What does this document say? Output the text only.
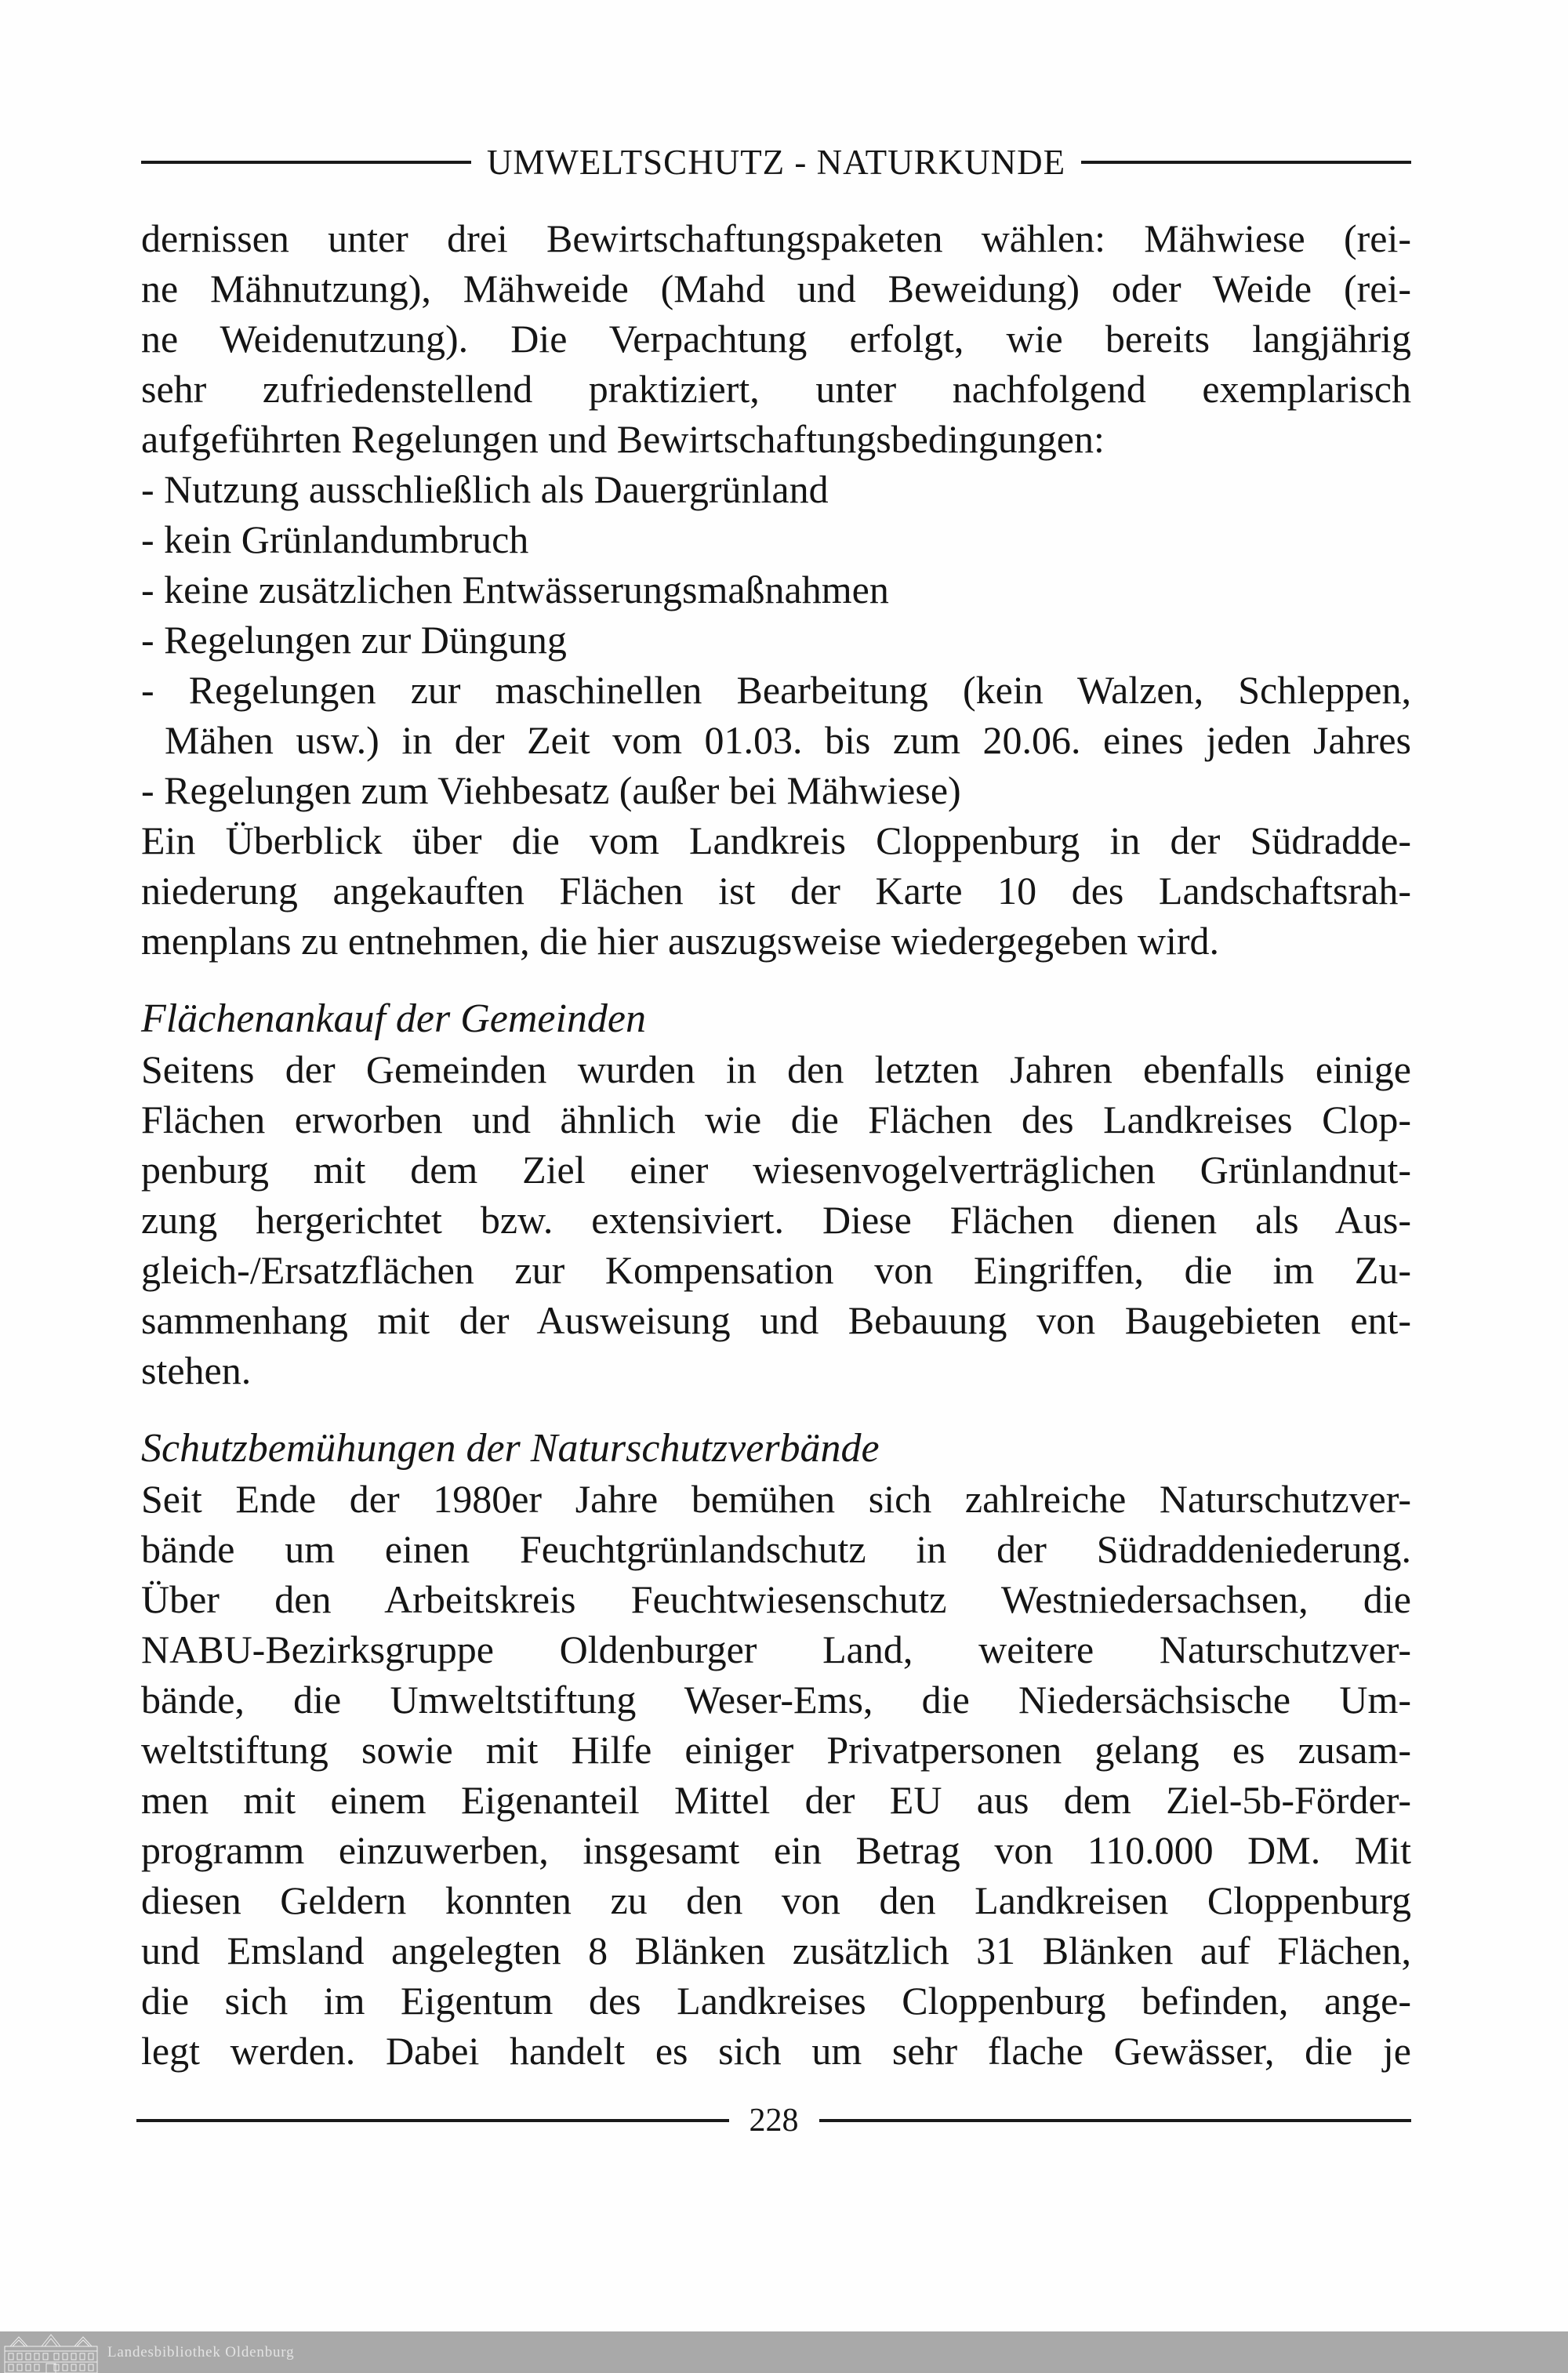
UMWELTSCHUTZ - NATURKUNDE
dernissen unter drei Bewirtschaftungspaketen wählen: Mähwiese (rei-
ne Mähnutzung), Mähweide (Mahd und Beweidung) oder Weide (rei-
ne Weidenutzung). Die Verpachtung erfolgt, wie bereits langjährig
sehr zufriedenstellend praktiziert, unter nachfolgend exemplarisch
aufgeführten Regelungen und Bewirtschaftungsbedingungen:
- Nutzung ausschließlich als Dauergrünland
- kein Grünlandumbruch
- keine zusätzlichen Entwässerungsmaßnahmen
- Regelungen zur Düngung
- Regelungen zur maschinellen Bearbeitung (kein Walzen, Schleppen,
Mähen usw.) in der Zeit vom 01.03. bis zum 20.06. eines jeden Jahres
- Regelungen zum Viehbesatz (außer bei Mähwiese)
Ein Überblick über die vom Landkreis Cloppenburg in der Südradde-
niederung angekauften Flächen ist der Karte 10 des Landschaftsrah-
menplans zu entnehmen, die hier auszugsweise wiedergegeben wird.
Flächenankauf der Gemeinden
Seitens der Gemeinden wurden in den letzten Jahren ebenfalls einige
Flächen erworben und ähnlich wie die Flächen des Landkreises Clop-
penburg mit dem Ziel einer wiesenvogelverträglichen Grünlandnut-
zung hergerichtet bzw. extensiviert. Diese Flächen dienen als Aus-
gleich-/Ersatzflächen zur Kompensation von Eingriffen, die im Zu-
sammenhang mit der Ausweisung und Bebauung von Baugebieten ent-
stehen.
Schutzbemühungen der Naturschutzverbände
Seit Ende der 1980er Jahre bemühen sich zahlreiche Naturschutzver-
bände um einen Feuchtgrünlandschutz in der Südraddeniederung.
Über den Arbeitskreis Feuchtwiesenschutz Westniedersachsen, die
NABU-Bezirksgruppe Oldenburger Land, weitere Naturschutzver-
bände, die Umweltstiftung Weser-Ems, die Niedersächsische Um-
weltstiftung sowie mit Hilfe einiger Privatpersonen gelang es zusam-
men mit einem Eigenanteil Mittel der EU aus dem Ziel-5b-Förder-
programm einzuwerben, insgesamt ein Betrag von 110.000 DM. Mit
diesen Geldern konnten zu den von den Landkreisen Cloppenburg
und Emsland angelegten 8 Blänken zusätzlich 31 Blänken auf Flächen,
die sich im Eigentum des Landkreises Cloppenburg befinden, ange-
legt werden. Dabei handelt es sich um sehr flache Gewässer, die je
228
Landesbibliothek Oldenburg
